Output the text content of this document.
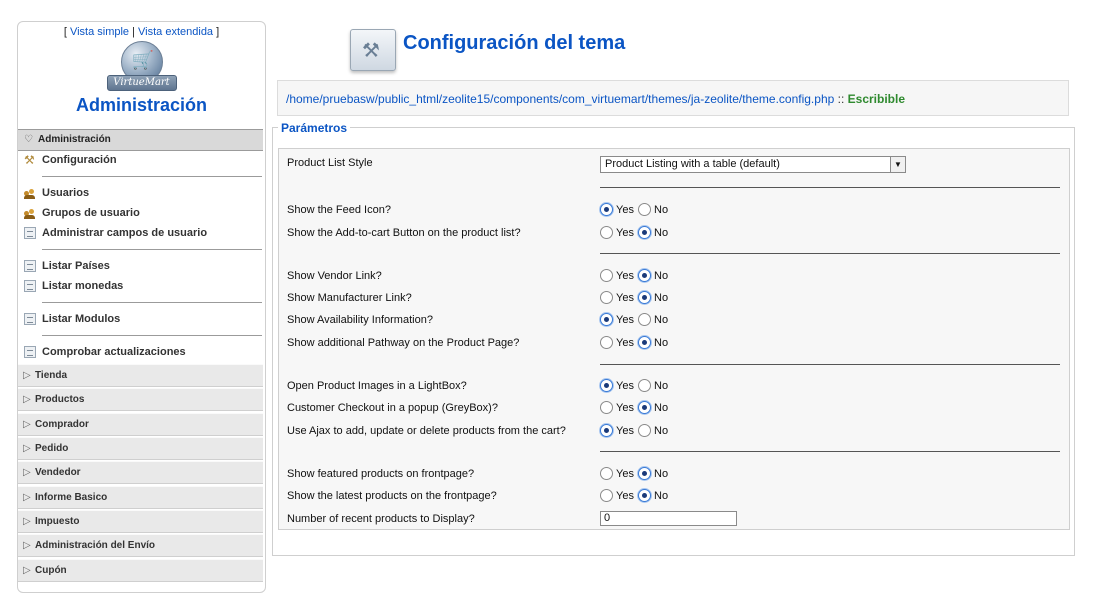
[ Vista simple | Vista extendida ]
🛒
VirtueMart
Administración
♡ Administración
⚒ Configuración
Usuarios
Grupos de usuario
Administrar campos de usuario
Listar Países
Listar monedas
Listar Modulos
Comprobar actualizaciones
▷ Tienda
▷ Productos
▷ Comprador
▷ Pedido
▷ Vendedor
▷ Informe Basico
▷ Impuesto
▷ Administración del Envío
▷ Cupón
⚒ Configuración del tema
/home/pruebasw/public_html/zeolite15/components/com_virtuemart/themes/ja-zeolite/theme.config.php :: Escribible
Parámetros
Product List Style	Product Listing with a table (default)	▼
Show the Feed Icon?	Yes No
Show the Add-to-cart Button on the product list?	Yes No
Show Vendor Link?	Yes No
Show Manufacturer Link?	Yes No
Show Availability Information?	Yes No
Show additional Pathway on the Product Page?	Yes No
Open Product Images in a LightBox?	Yes No
Customer Checkout in a popup (GreyBox)?	Yes No
Use Ajax to add, update or delete products from the cart?	Yes No
Show featured products on frontpage?	Yes No
Show the latest products on the frontpage?	Yes No
Number of recent products to Display?	0
